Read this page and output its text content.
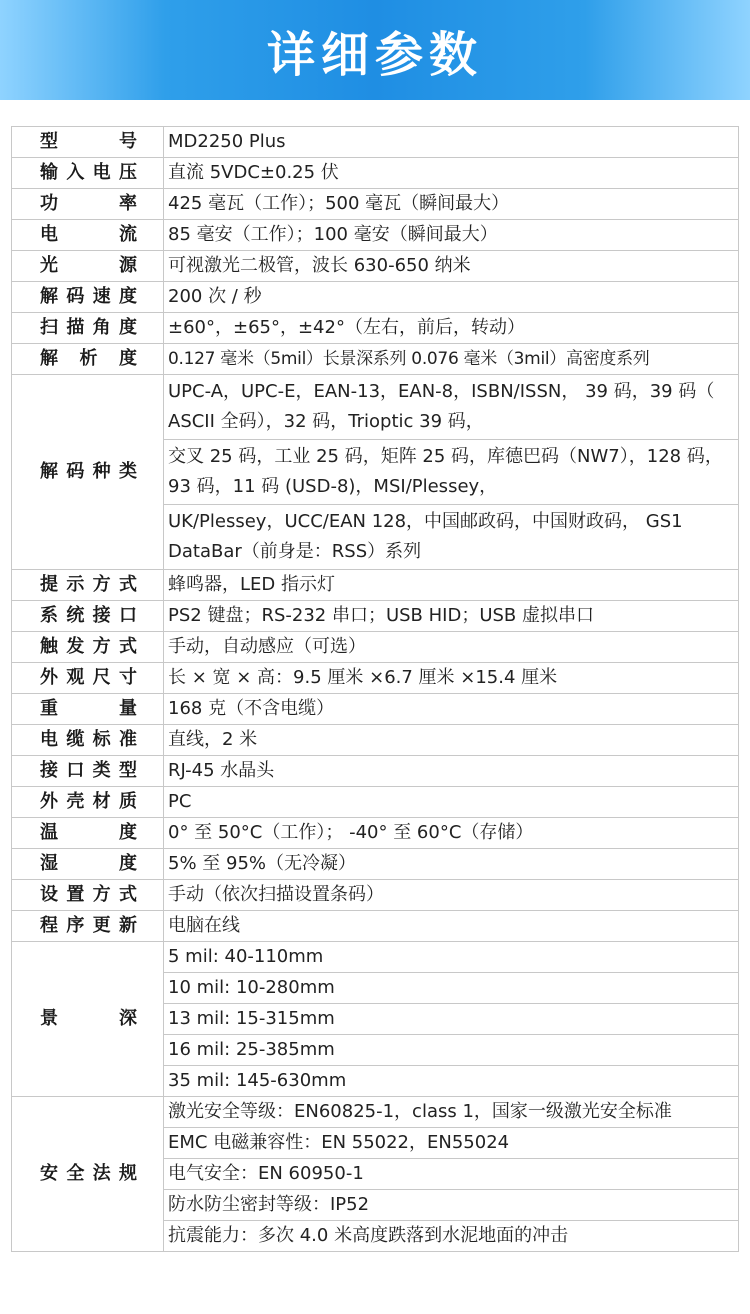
详细参数
型号	MD2250 Plus
输入电压	直流 5VDC±0.25 伏
功率	425 毫瓦（工作）；500 毫瓦（瞬间最大）
电流	85 毫安（工作）；100 毫安（瞬间最大）
光源	可视激光二极管，波长 630-650 纳米
解码速度	200 次 / 秒
扫描角度	±60°，±65°，±42°（左右，前后，转动）
解析度	0.127 毫米（5mil）长景深系列 0.076 毫米（3mil）高密度系列
解码种类	UPC-A，UPC-E，EAN-13，EAN-8，ISBN/ISSN， 39 码，39 码（ ASCII 全码），32 码，Trioptic 39 码，
	交叉 25 码，工业 25 码，矩阵 25 码，库德巴码（NW7），128 码，93 码，11 码 (USD-8)，MSI/Plessey，
	UK/Plessey，UCC/EAN 128，中国邮政码，中国财政码， GS1 DataBar（前身是：RSS）系列
提示方式	蜂鸣器，LED 指示灯
系统接口	PS2 键盘；RS-232 串口；USB HID；USB 虚拟串口
触发方式	手动，自动感应（可选）
外观尺寸	长 × 宽 × 高：9.5 厘米 ×6.7 厘米 ×15.4 厘米
重量	168 克（不含电缆）
电缆标准	直线，2 米
接口类型	RJ-45 水晶头
外壳材质	PC
温度	0° 至 50°C（工作）； -40° 至 60°C（存储）
湿度	5% 至 95%（无冷凝）
设置方式	手动（依次扫描设置条码）
程序更新	电脑在线
景深	5 mil: 40-110mm
	10 mil: 10-280mm
	13 mil: 15-315mm
	16 mil: 25-385mm
	35 mil: 145-630mm
安全法规	激光安全等级：EN60825-1，class 1，国家一级激光安全标准
	EMC 电磁兼容性：EN 55022，EN55024
	电气安全：EN 60950-1
	防水防尘密封等级：IP52
	抗震能力：多次 4.0 米高度跌落到水泥地面的冲击
